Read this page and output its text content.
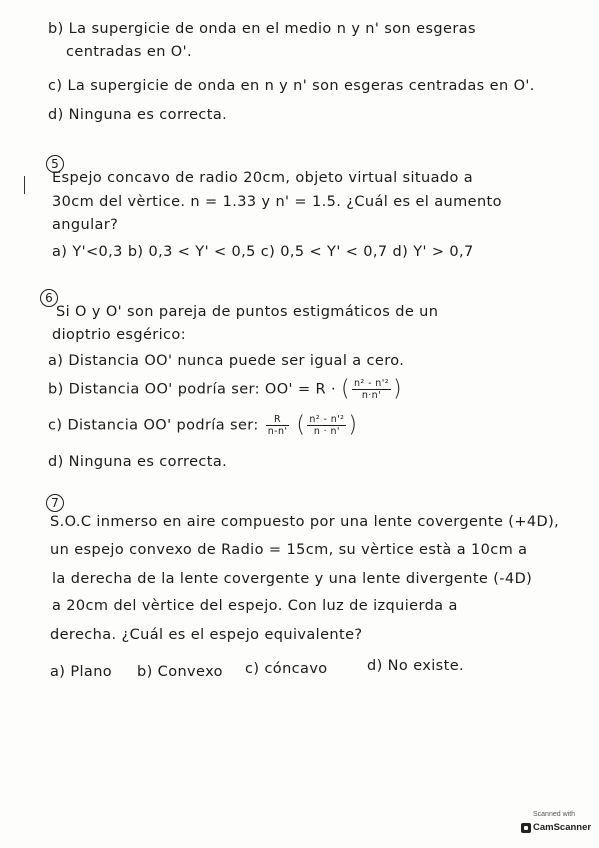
b) La supergicie de onda en el medio n y n' son esgeras
centradas en O'.
c) La supergicie de onda en n y n' son esgeras centradas en O'.
d) Ninguna es correcta.
5
Espejo concavo de radio 20cm, objeto virtual situado a
30cm del vèrtice. n = 1.33 y n' = 1.5. ¿Cuál es el aumento
angular?
a) Y'<0,3 b) 0,3 < Y' < 0,5 c) 0,5 < Y' < 0,7 d) Y' > 0,7
6
Si O y O' son pareja de puntos estigmáticos de un
dioptrio esgérico:
a) Distancia OO' nunca puede ser igual a cero.
b) Distancia OO' podría ser: OO' = R · ( $\frac{\text{n² - n'²}}{n\cdot n'}$ )
c) Distancia OO' podría ser: $\frac{R}{n-n'}$ ( $\frac{\text{n² - n'²}}{n \cdot n'}$ )
d) Ninguna es correcta.
7
S.O.C inmerso en aire compuesto por una lente covergente (+4D),
un espejo convexo de Radio = 15cm, su vèrtice està a 10cm a
la derecha de la lente covergente y una lente divergente (-4D)
a 20cm del vèrtice del espejo. Con luz de izquierda a
derecha. ¿Cuál es el espejo equivalente?
a) Plano b) Convexo c) cóncavo	d) No existe.
Scanned with
CamScanner
